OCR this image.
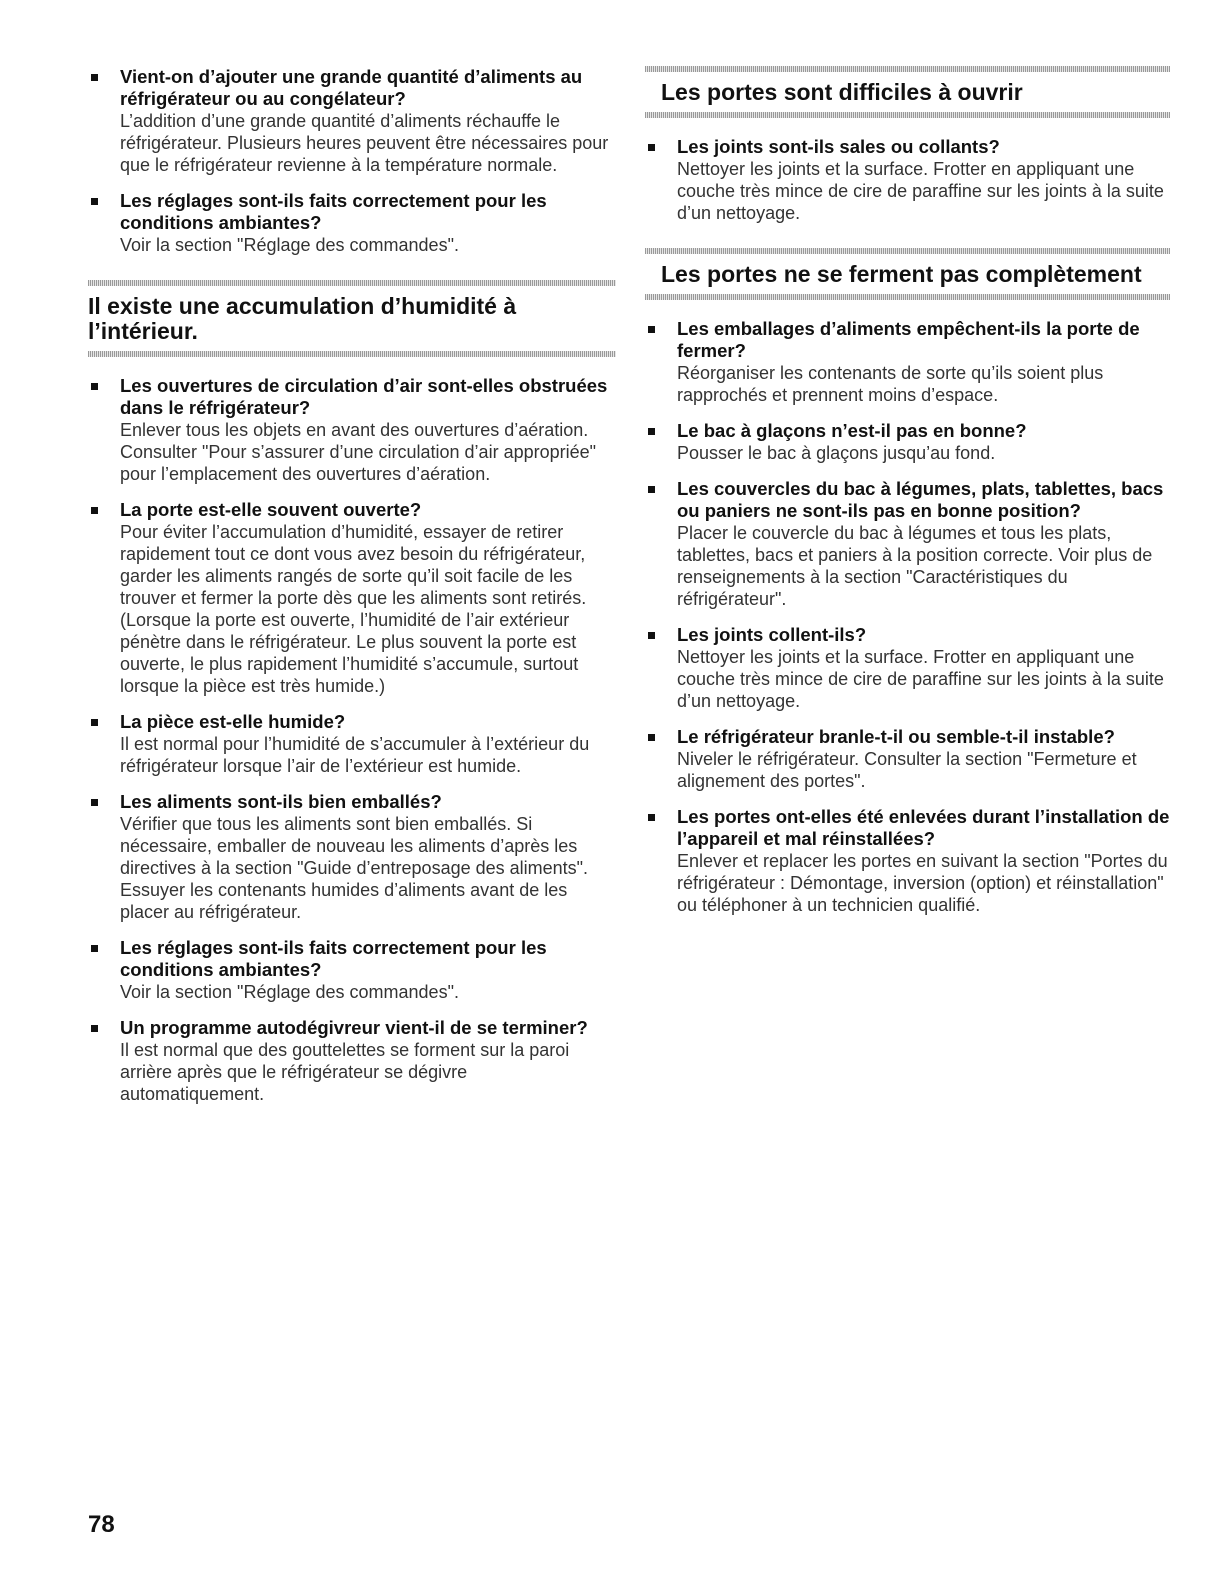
Vient-on d’ajouter une grande quantité d’aliments au réfrigérateur ou au congélateur?
L’addition d’une grande quantité d’aliments réchauffe le réfrigérateur. Plusieurs heures peuvent être nécessaires pour que le réfrigérateur revienne à la température normale.
Les réglages sont-ils faits correctement pour les conditions ambiantes?
Voir la section "Réglage des commandes".
Il existe une accumulation d’humidité à l’intérieur.
Les ouvertures de circulation d’air sont-elles obstruées dans le réfrigérateur?
Enlever tous les objets en avant des ouvertures d’aération. Consulter "Pour s’assurer d’une circulation d’air appropriée" pour l’emplacement des ouvertures d’aération.
La porte est-elle souvent ouverte?
Pour éviter l’accumulation d’humidité, essayer de retirer rapidement tout ce dont vous avez besoin du réfrigérateur, garder les aliments rangés de sorte qu’il soit facile de les trouver et fermer la porte dès que les aliments sont retirés. (Lorsque la porte est ouverte, l’humidité de l’air extérieur pénètre dans le réfrigérateur. Le plus souvent la porte est ouverte, le plus rapidement l’humidité s’accumule, surtout lorsque la pièce est très humide.)
La pièce est-elle humide?
Il est normal pour l’humidité de s’accumuler à l’extérieur du réfrigérateur lorsque l’air de l’extérieur est humide.
Les aliments sont-ils bien emballés?
Vérifier que tous les aliments sont bien emballés. Si nécessaire, emballer de nouveau les aliments d’après les directives à la section "Guide d’entreposage des aliments". Essuyer les contenants humides d’aliments avant de les placer au réfrigérateur.
Les réglages sont-ils faits correctement pour les conditions ambiantes?
Voir la section "Réglage des commandes".
Un programme autodégivreur vient-il de se terminer?
Il est normal que des gouttelettes se forment sur la paroi arrière après que le réfrigérateur se dégivre automatiquement.
Les portes sont difficiles à ouvrir
Les joints sont-ils sales ou collants?
Nettoyer les joints et la surface. Frotter en appliquant une couche très mince de cire de paraffine sur les joints à la suite d’un nettoyage.
Les portes ne se ferment pas complètement
Les emballages d’aliments empêchent-ils la porte de fermer?
Réorganiser les contenants de sorte qu’ils soient plus rapprochés et prennent moins d’espace.
Le bac à glaçons n’est-il pas en bonne?
Pousser le bac à glaçons jusqu’au fond.
Les couvercles du bac à légumes, plats, tablettes, bacs ou paniers ne sont-ils pas en bonne position?
Placer le couvercle du bac à légumes et tous les plats, tablettes, bacs et paniers à la position correcte. Voir plus de renseignements à la section "Caractéristiques du réfrigérateur".
Les joints collent-ils?
Nettoyer les joints et la surface. Frotter en appliquant une couche très mince de cire de paraffine sur les joints à la suite d’un nettoyage.
Le réfrigérateur branle-t-il ou semble-t-il instable?
Niveler le réfrigérateur. Consulter la section "Fermeture et alignement des portes".
Les portes ont-elles été enlevées durant l’installation de l’appareil et mal réinstallées?
Enlever et replacer les portes en suivant la section "Portes du réfrigérateur : Démontage, inversion (option) et réinstallation" ou téléphoner à un technicien qualifié.
78
